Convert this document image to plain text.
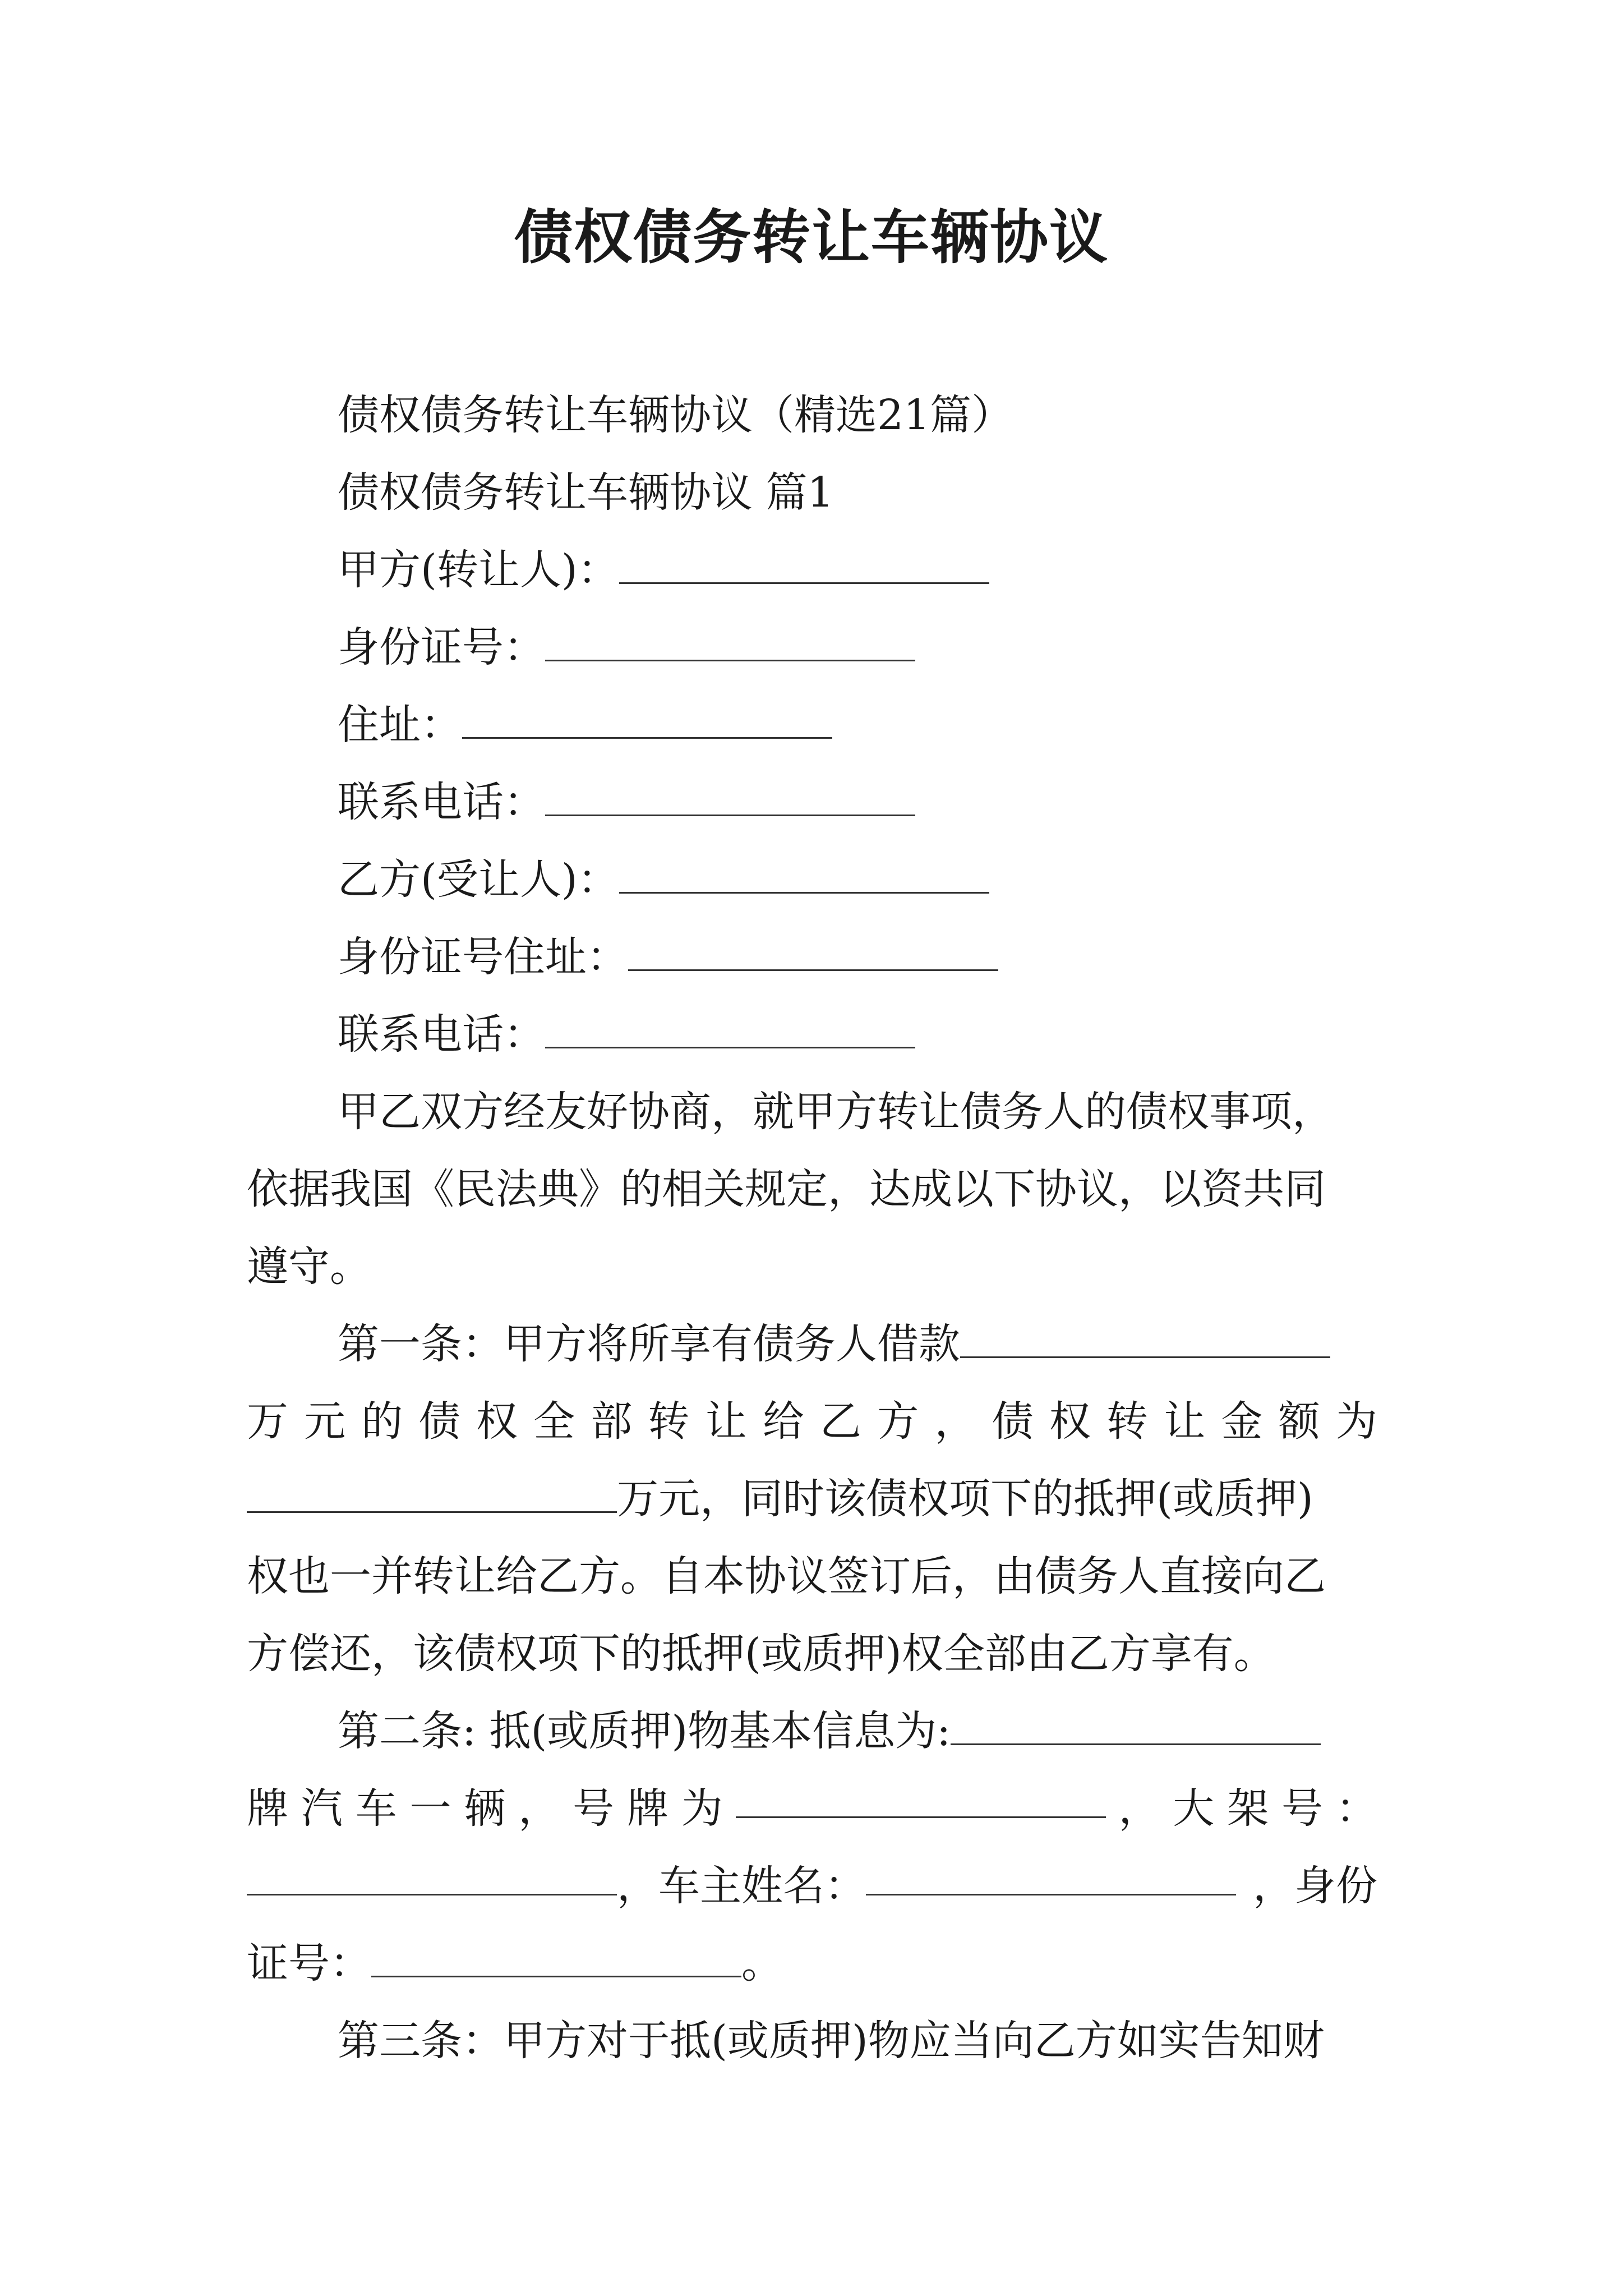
债权债务转让车辆协议
债权债务转让车辆协议（精选21篇）
债权债务转让车辆协议 篇1
甲方(转让人)：
身份证号：
住址：
联系电话：
乙方(受让人)：
身份证号住址：
联系电话：
甲乙双方经友好协商，就甲方转让债务人的债权事项，
依据我国《民法典》的相关规定，达成以下协议，以资共同
遵守。
第一条：甲方将所享有债务人借款
万 元 的 债 权 全 部 转 让 给 乙 方 ， 债 权 转 让 金 额 为
万元，同时该债权项下的抵押(或质押)
权也一并转让给乙方。自本协议签订后，由债务人直接向乙
方偿还，该债权项下的抵押(或质押)权全部由乙方享有。
第二条: 抵(或质押)物基本信息为:
牌 汽 车 一 辆 ， 号 牌 为	， 大 架 号 ：
，车主姓名：	，身份
证号：	。
第三条：甲方对于抵(或质押)物应当向乙方如实告知财
